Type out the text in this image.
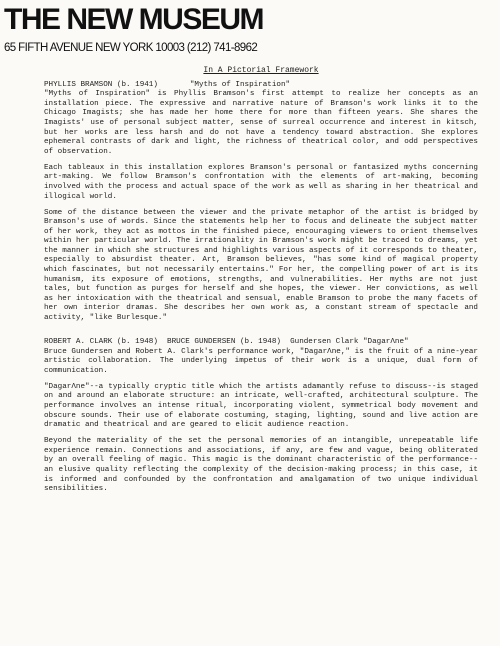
THE NEW MUSEUM
65 FIFTH AVENUE NEW YORK 10003 (212) 741-8962
In A Pictorial Framework
PHYLLIS BRAMSON (b. 1941)       "Myths of Inspiration"

"Myths of Inspiration" is Phyllis Bramson's first attempt to realize her concepts as an installation piece. The expressive and narrative nature of Bramson's work links it to the Chicago Imagists; she has made her home there for more than fifteen years. She shares the Imagists' use of personal subject matter, sense of surreal occurrence and interest in kitsch, but her works are less harsh and do not have a tendency toward abstraction. She explores ephemeral contrasts of dark and light, the richness of theatrical color, and odd perspectives of observation.

Each tableaux in this installation explores Bramson's personal or fantasized myths concerning art-making. We follow Bramson's confrontation with the elements of art-making, becoming involved with the process and actual space of the work as well as sharing in her theatrical and illogical world.

Some of the distance between the viewer and the private metaphor of the artist is bridged by Bramson's use of words. Since the statements help her to focus and delineate the subject matter of her work, they act as mottos in the finished piece, encouraging viewers to orient themselves within her particular world. The irrationality in Bramson's work might be traced to dreams, yet the manner in which she structures and highlights various aspects of it corresponds to theater, especially to absurdist theater. Art, Bramson believes, "has some kind of magical property which fascinates, but not necessarily entertains." For her, the compelling power of art is its humanism, its exposure of emotions, strengths, and vulnerabilities. Her myths are not just tales, but function as purges for herself and she hopes, the viewer. Her convictions, as well as her intoxication with the theatrical and sensual, enable Bramson to probe the many facets of her own interior dramas. She describes her own work as, a constant stream of spectacle and activity, "like Burlesque."

ROBERT A. CLARK (b. 1948)  BRUCE GUNDERSEN (b. 1948)  Gundersen Clark "DagarΛne"

Bruce Gundersen and Robert A. Clark's performance work, "DagarΛne," is the fruit of a nine-year artistic collaboration. The underlying impetus of their work is a unique, dual form of communication.

"DagarΛne"--a typically cryptic title which the artists adamantly refuse to discuss--is staged on and around an elaborate structure: an intricate, well-crafted, architectural sculpture. The performance involves an intense ritual, incorporating violent, symmetrical body movement and obscure sounds. Their use of elaborate costuming, staging, lighting, sound and live action are dramatic and theatrical and are geared to elicit audience reaction.

Beyond the materiality of the set the personal memories of an intangible, unrepeatable life experience remain. Connections and associations, if any, are few and vague, being obliterated by an overall feeling of magic. This magic is the dominant characteristic of the performance--an elusive quality reflecting the complexity of the decision-making process; in this case, it is informed and confounded by the confrontation and amalgamation of two unique individual sensibilities.
